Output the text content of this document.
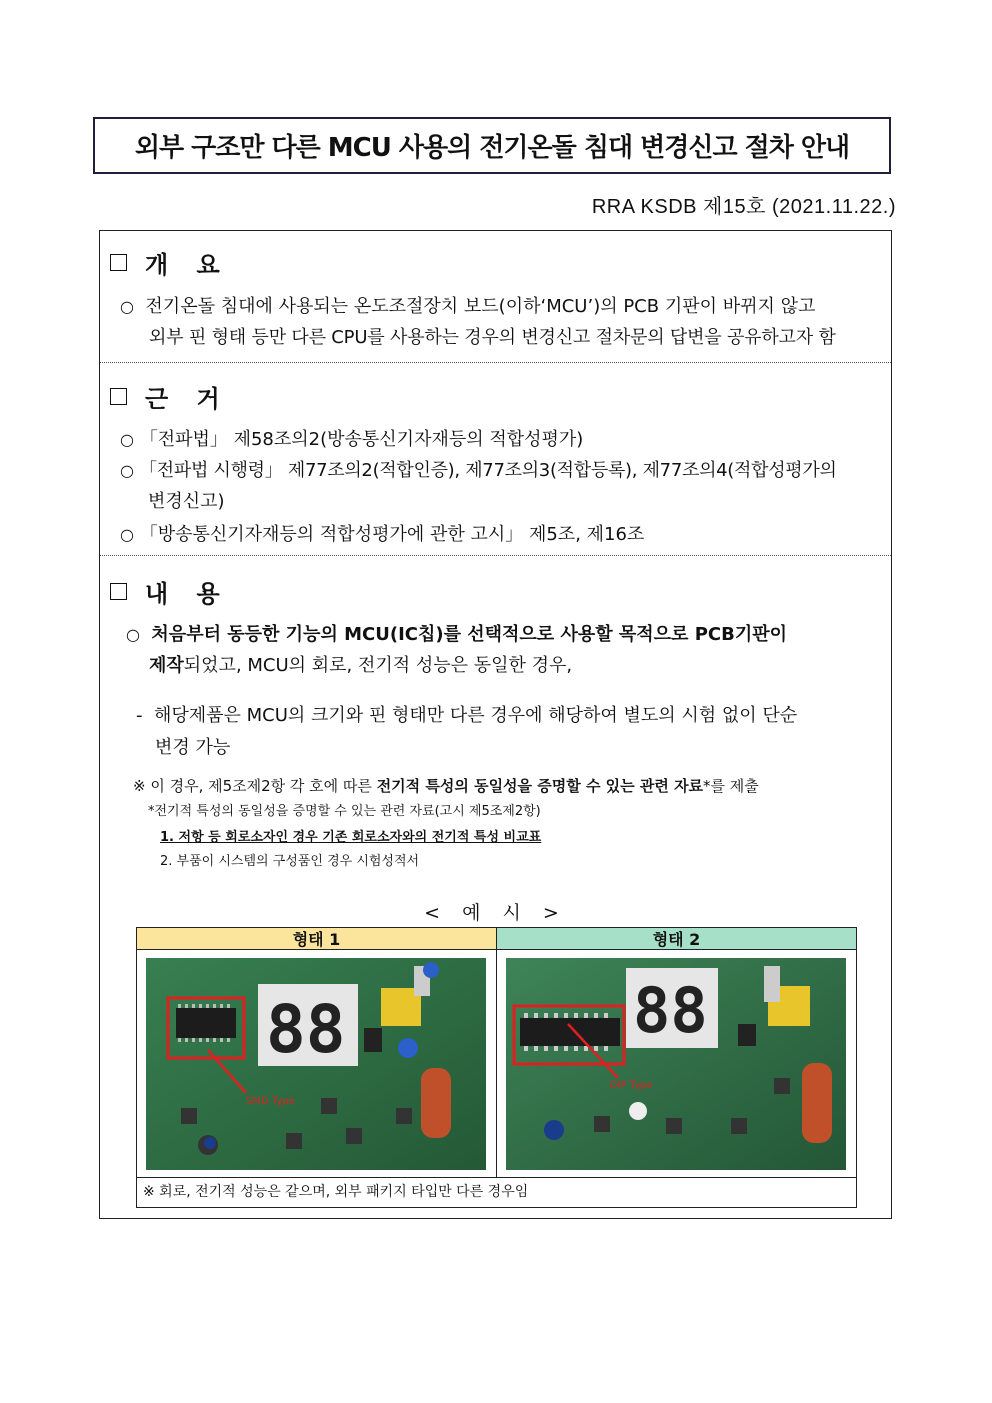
외부 구조만 다른 MCU 사용의 전기온돌 침대 변경신고 절차 안내
RRA KSDB 제15호 (2021.11.22.)
개 요
○ 전기온돌 침대에 사용되는 온도조절장치 보드(이하‘MCU’)의 PCB 기판이 바뀌지 않고
외부 핀 형태 등만 다른 CPU를 사용하는 경우의 변경신고 절차문의 답변을 공유하고자 함
근 거
○ 「전파법」 제58조의2(방송통신기자재등의 적합성평가)
○ 「전파법 시행령」 제77조의2(적합인증), 제77조의3(적합등록), 제77조의4(적합성평가의
변경신고)
○ 「방송통신기자재등의 적합성평가에 관한 고시」 제5조, 제16조
내 용
○ 처음부터 동등한 기능의 MCU(IC칩)를 선택적으로 사용할 목적으로 PCB기판이
제작되었고, MCU의 회로, 전기적 성능은 동일한 경우,
-  해당제품은 MCU의 크기와 핀 형태만 다른 경우에 해당하여 별도의 시험 없이 단순
변경 가능
※ 이 경우, 제5조제2항 각 호에 따른 전기적 특성의 동일성을 증명할 수 있는 관련 자료*를 제출
*전기적 특성의 동일성을 증명할 수 있는 관련 자료(고시 제5조제2항)
1. 저항 등 회로소자인 경우 기존 회로소자와의 전기적 특성 비교표
2. 부품이 시스템의 구성품인 경우 시험성적서
< 예 시 >
형태 1	형태 2
88
SMD Type
88
DIP Type
※ 회로, 전기적 성능은 같으며, 외부 패키지 타입만 다른 경우임
